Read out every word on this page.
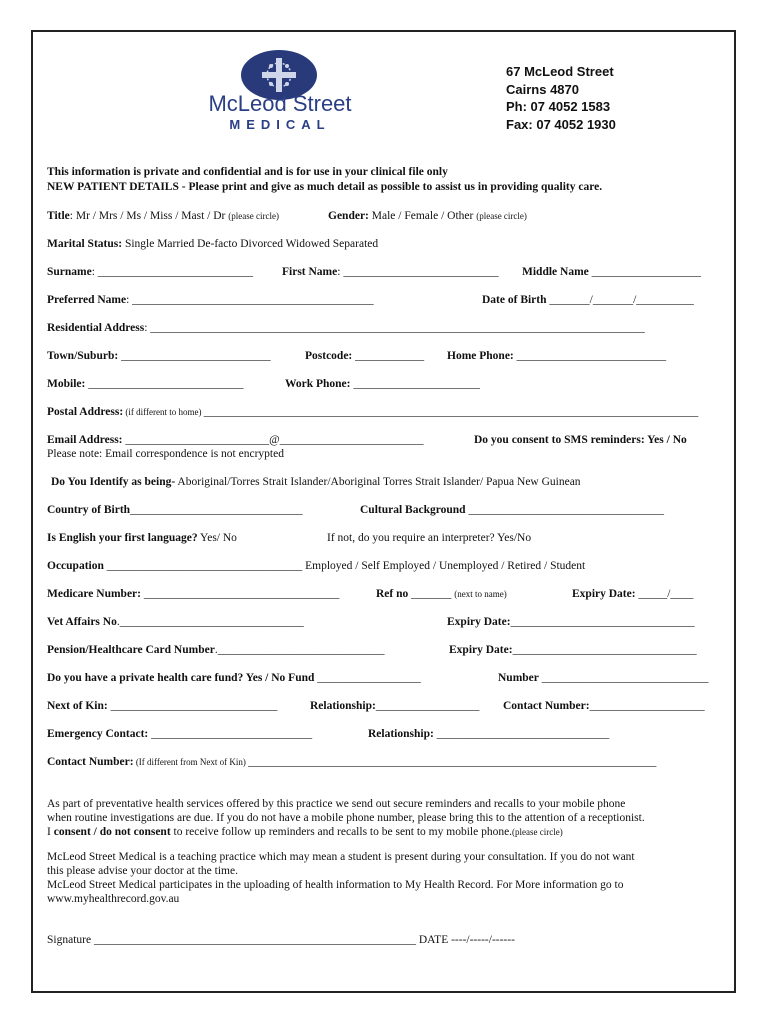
McLeod Street
MEDICAL
67 McLeod Street
Cairns 4870
Ph: 07 4052 1583
Fax: 07 4052 1930
This information is private and confidential and is for use in your clinical file only
NEW PATIENT DETAILS - Please print and give as much detail as possible to assist us in providing quality care.
Title: Mr / Mrs / Ms / Miss / Mast / Dr (please circle)	Gender: Male / Female / Other (please circle)
Marital Status: Single Married De-facto Divorced Widowed Separated
Surname: ___________________________	First Name: ___________________________ Middle Name ___________________
Preferred Name: __________________________________________	Date of Birth _______/_______/__________
Residential Address: ______________________________________________________________________________________
Town/Suburb: __________________________	Postcode: ____________ Home Phone: __________________________
Mobile: ___________________________	Work Phone: ______________________
Postal Address: (if different to home) ______________________________________________________________________________________
Email Address: _________________________@_________________________	Do you consent to SMS reminders: Yes / No
Please note: Email correspondence is not encrypted
Do You Identify as being- Aboriginal/Torres Strait Islander/Aboriginal Torres Strait Islander/ Papua New Guinean
Country of Birth______________________________	Cultural Background __________________________________
Is English your first language? Yes/ No	If not, do you require an interpreter? Yes/No
Occupation __________________________________ Employed / Self Employed / Unemployed / Retired / Student
Medicare Number: __________________________________	Ref no _______ (next to name)	Expiry Date: _____/____
Vet Affairs No.________________________________	Expiry Date:________________________________
Pension/Healthcare Card Number._____________________________	Expiry Date:________________________________
Do you have a private health care fund? Yes / No Fund __________________	Number _____________________________
Next of Kin: _____________________________	Relationship:__________________ Contact Number:____________________
Emergency Contact: ____________________________	Relationship: ______________________________
Contact Number: (If different from Next of Kin) _______________________________________________________________________
As part of preventative health services offered by this practice we send out secure reminders and recalls to your mobile phone
when routine investigations are due. If you do not have a mobile phone number, please bring this to the attention of a receptionist.
I consent / do not consent to receive follow up reminders and recalls to be sent to my mobile phone.(please circle)
McLeod Street Medical is a teaching practice which may mean a student is present during your consultation. If you do not want
this please advise your doctor at the time.
McLeod Street Medical participates in the uploading of health information to My Health Record. For More information go to
www.myhealthrecord.gov.au
Signature ________________________________________________________ DATE ----/-----/------
